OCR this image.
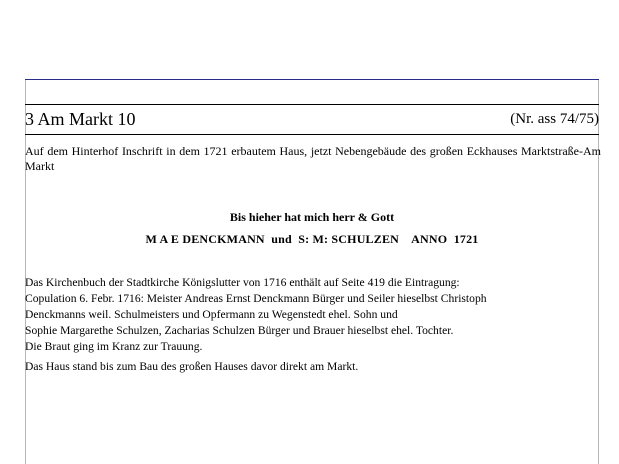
3 Am Markt 10	(Nr. ass 74/75)
Auf dem Hinterhof Inschrift in dem 1721 erbautem Haus, jetzt Nebengebäude des großen Eckhauses Marktstraße-Am Markt
Bis hieher hat mich herr & Gott
M A E DENCKMANN  und  S: M: SCHULZEN    ANNO  1721

Das Kirchenbuch der Stadtkirche Königslutter von 1716 enthält auf Seite 419 die Eintragung:

Copulation 6. Febr. 1716: Meister Andreas Ernst Denckmann Bürger und Seiler hieselbst Christoph

Denckmanns weil. Schulmeisters und Opfermann zu Wegenstedt ehel. Sohn und

Sophie Margarethe Schulzen, Zacharias Schulzen Bürger und Brauer hieselbst ehel. Tochter.

Die Braut ging im Kranz zur Trauung.

Das Haus stand bis zum Bau des großen Hauses davor direkt am Markt.
